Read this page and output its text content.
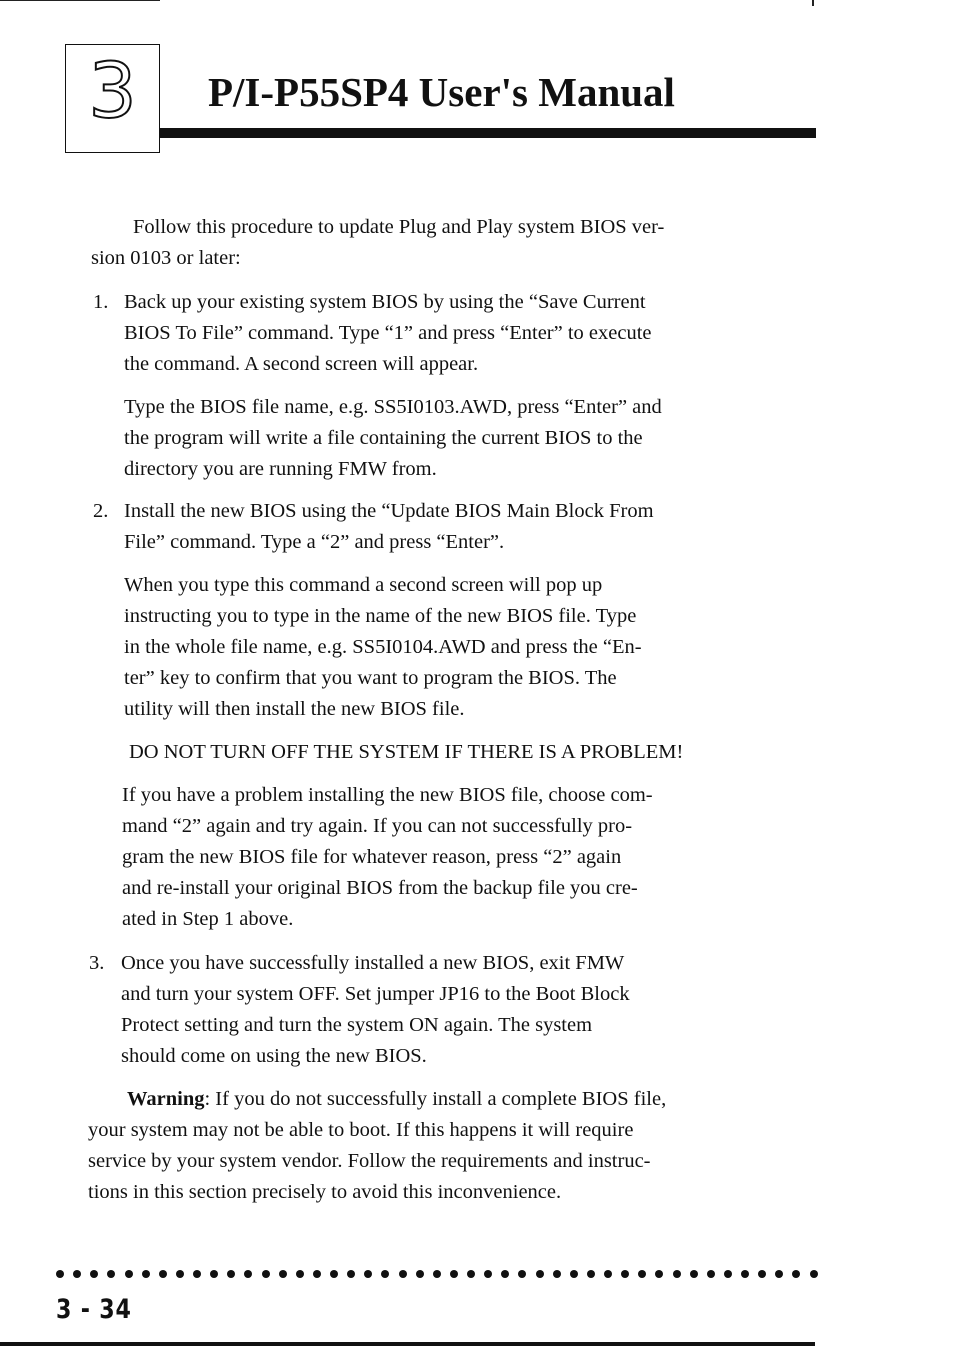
3	P/I-P55SP4 User's Manual
Follow this procedure to update Plug and Play system BIOS ver-
sion 0103 or later:
1. Back up your existing system BIOS by using the “Save Current
BIOS To File” command. Type “1” and press “Enter” to execute
the command. A second screen will appear.
Type the BIOS file name, e.g. SS5I0103.AWD, press “Enter” and
the program will write a file containing the current BIOS to the
directory you are running FMW from.
2. Install the new BIOS using the “Update BIOS Main Block From
File” command. Type a “2” and press “Enter”.
When you type this command a second screen will pop up
instructing you to type in the name of the new BIOS file. Type
in the whole file name, e.g. SS5I0104.AWD and press the “En-
ter” key to confirm that you want to program the BIOS. The
utility will then install the new BIOS file.
DO NOT TURN OFF THE SYSTEM IF THERE IS A PROBLEM!
If you have a problem installing the new BIOS file, choose com-
mand “2” again and try again. If you can not successfully pro-
gram the new BIOS file for whatever reason, press “2” again
and re-install your original BIOS from the backup file you cre-
ated in Step 1 above.
3. Once you have successfully installed a new BIOS, exit FMW
and turn your system OFF. Set jumper JP16 to the Boot Block
Protect setting and turn the system ON again. The system
should come on using the new BIOS.
Warning: If you do not successfully install a complete BIOS file,
your system may not be able to boot. If this happens it will require
service by your system vendor. Follow the requirements and instruc-
tions in this section precisely to avoid this inconvenience.
3 - 34
